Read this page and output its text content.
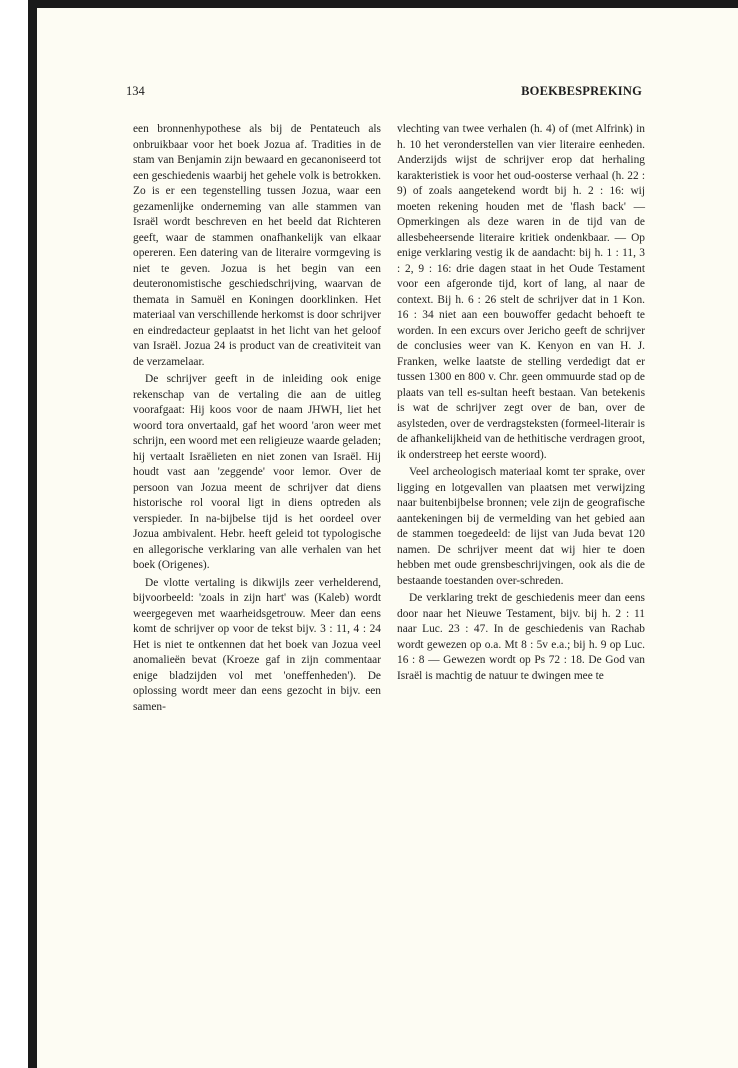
134	BOEKBESPREKING

een bronnenhypothese als bij de Pentateuch als onbruikbaar voor het boek Jozua af. Tradities in de stam van Benjamin zijn bewaard en gecanoniseerd tot een geschiedenis waarbij het gehele volk is betrokken. Zo is er een tegenstelling tussen Jozua, waar een gezamenlijke onderneming van alle stammen van Israël wordt beschreven en het beeld dat Richteren geeft, waar de stammen onafhankelijk van elkaar opereren. Een datering van de literaire vormgeving is niet te geven. Jozua is het begin van een deuteronomistische geschiedschrijving, waarvan de themata in Samuël en Koningen doorklinken. Het materiaal van verschillende herkomst is door schrijver en eindredacteur geplaatst in het licht van het geloof van Israël. Jozua 24 is product van de creativiteit van de verzamelaar.

De schrijver geeft in de inleiding ook enige rekenschap van de vertaling die aan de uitleg voorafgaat: Hij koos voor de naam JHWH, liet het woord tora onvertaald, gaf het woord 'aron weer met schrijn, een woord met een religieuze waarde geladen; hij vertaalt Israëlieten en niet zonen van Israël. Hij houdt vast aan 'zeggende' voor lemor. Over de persoon van Jozua meent de schrijver dat diens historische rol vooral ligt in diens optreden als verspieder. In na-bijbelse tijd is het oordeel over Jozua ambivalent. Hebr. heeft geleid tot typologische en allegorische verklaring van alle verhalen van het boek (Origenes).

De vlotte vertaling is dikwijls zeer verhelderend, bijvoorbeeld: 'zoals in zijn hart' was (Kaleb) wordt weergegeven met waarheidsgetrouw. Meer dan eens komt de schrijver op voor de tekst bijv. 3 : 11, 4 : 24 Het is niet te ontkennen dat het boek van Jozua veel anomalieën bevat (Kroeze gaf in zijn commentaar enige bladzijden vol met 'oneffenheden'). De oplossing wordt meer dan eens gezocht in bijv. een samen-

vlechting van twee verhalen (h. 4) of (met Alfrink) in h. 10 het veronderstellen van vier literaire eenheden. Anderzijds wijst de schrijver erop dat herhaling karakteristiek is voor het oud-oosterse verhaal (h. 22 : 9) of zoals aangetekend wordt bij h. 2 : 16: wij moeten rekening houden met de 'flash back' — Opmerkingen als deze waren in de tijd van de allesbeheersende literaire kritiek ondenkbaar. — Op enige verklaring vestig ik de aandacht: bij h. 1 : 11, 3 : 2, 9 : 16: drie dagen staat in het Oude Testament voor een afgeronde tijd, kort of lang, al naar de context. Bij h. 6 : 26 stelt de schrijver dat in 1 Kon. 16 : 34 niet aan een bouwoffer gedacht behoeft te worden. In een excurs over Jericho geeft de schrijver de conclusies weer van K. Kenyon en van H. J. Franken, welke laatste de stelling verdedigt dat er tussen 1300 en 800 v. Chr. geen ommuurde stad op de plaats van tell es-sultan heeft bestaan. Van betekenis is wat de schrijver zegt over de ban, over de asylsteden, over de verdragsteksten (formeel-literair is de afhankelijkheid van de hethitische verdragen groot, ik onderstreep het eerste woord).

Veel archeologisch materiaal komt ter sprake, over ligging en lotgevallen van plaatsen met verwijzing naar buitenbijbelse bronnen; vele zijn de geografische aantekeningen bij de vermelding van het gebied aan de stammen toegedeeld: de lijst van Juda bevat 120 namen. De schrijver meent dat wij hier te doen hebben met oude grensbeschrijvingen, ook als die de bestaande toestanden over-schreden.

De verklaring trekt de geschiedenis meer dan eens door naar het Nieuwe Testament, bijv. bij h. 2 : 11 naar Luc. 23 : 47. In de geschiedenis van Rachab wordt gewezen op o.a. Mt 8 : 5v e.a.; bij h. 9 op Luc. 16 : 8 — Gewezen wordt op Ps 72 : 18. De God van Israël is machtig de natuur te dwingen mee te
